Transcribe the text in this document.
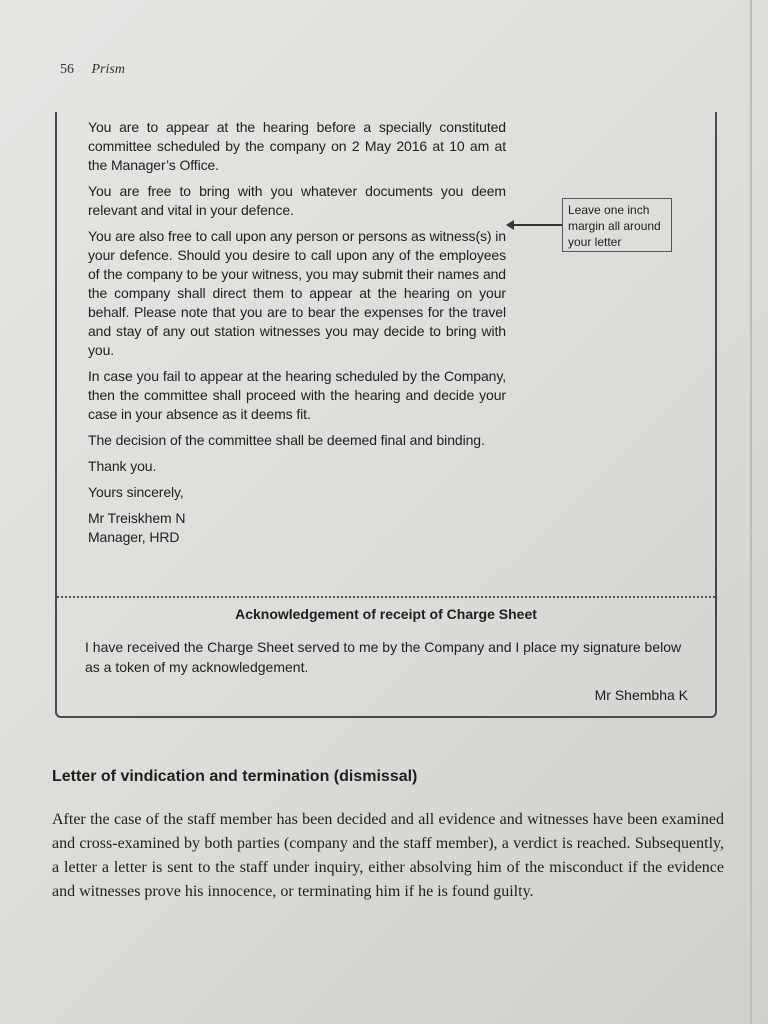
56 Prism

You are to appear at the hearing before a specially constituted committee scheduled by the company on 2 May 2016 at 10 am at the Manager’s Office.

You are free to bring with you whatever documents you deem relevant and vital in your defence.

You are also free to call upon any person or persons as witness(s) in your defence. Should you desire to call upon any of the employees of the company to be your witness, you may submit their names and the company shall direct them to appear at the hearing on your behalf. Please note that you are to bear the expenses for the travel and stay of any out station witnesses you may decide to bring with you.

In case you fail to appear at the hearing scheduled by the Company, then the committee shall proceed with the hearing and decide your case in your absence as it deems fit.

The decision of the committee shall be deemed final and binding.

Thank you.

Yours sincerely,

Mr Treiskhem N
Manager, HRD

Leave one inch margin all around your letter
Acknowledgement of receipt of Charge Sheet
I have received the Charge Sheet served to me by the Company and I place my signature below as a token of my acknowledgement.
Mr Shembha K
Letter of vindication and termination (dismissal)
After the case of the staff member has been decided and all evidence and witnesses have been examined and cross-examined by both parties (company and the staff member), a verdict is reached. Subsequently, a letter a letter is sent to the staff under inquiry, either absolving him of the misconduct if the evidence and witnesses prove his innocence, or terminating him if he is found guilty.
